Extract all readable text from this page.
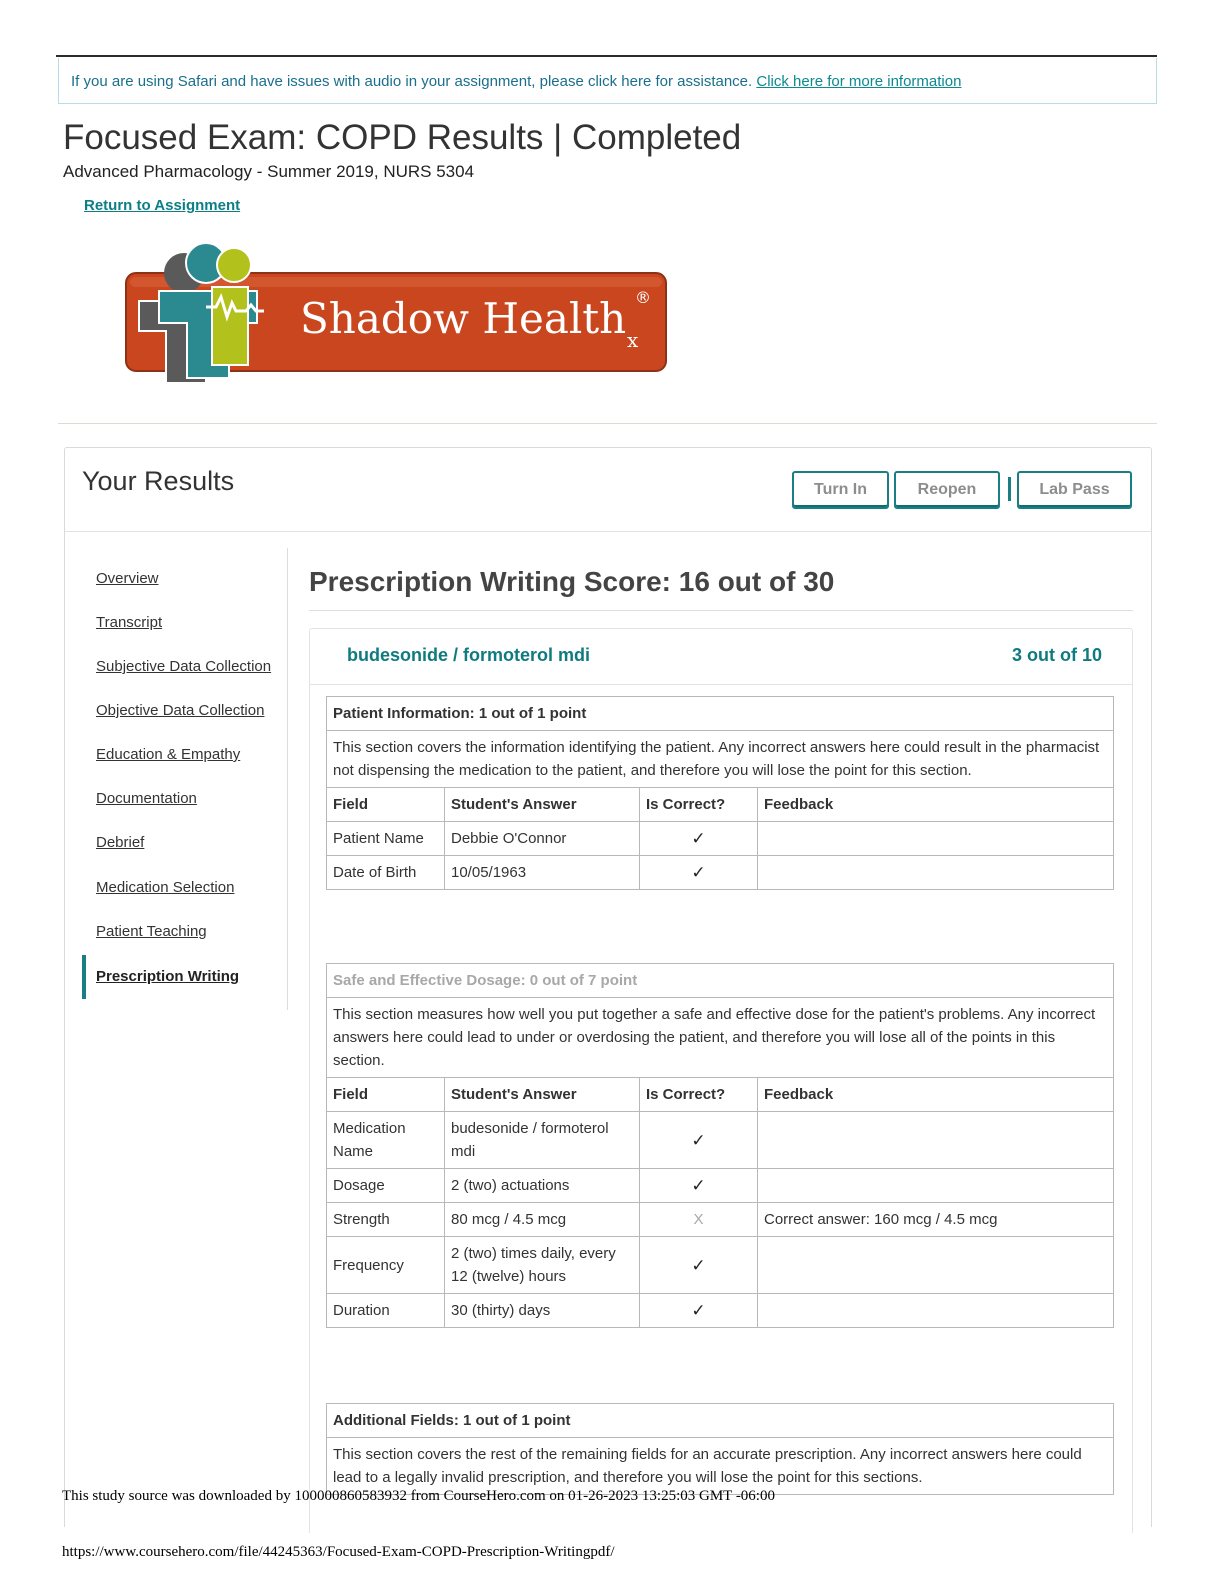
If you are using Safari and have issues with audio in your assignment, please click here for assistance. Click here for more information
Focused Exam: COPD Results | Completed
Advanced Pharmacology - Summer 2019, NURS 5304
Return to Assignment
Shadow Health ®
x
Your Results	Turn In	Reopen	Lab Pass
Overview
Transcript
Subjective Data Collection
Objective Data Collection
Education & Empathy
Documentation
Debrief
Medication Selection
Patient Teaching
Prescription Writing
Prescription Writing Score: 16 out of 30
budesonide / formoterol mdi	3 out of 10
Patient Information: 1 out of 1 point			
This section covers the information identifying the patient. Any incorrect answers here could result in the pharmacist not dispensing the medication to the patient, and therefore you will lose the point for this section.			
Field	Student's Answer	Is Correct?	Feedback
Patient Name	Debbie O'Connor	✓	
Date of Birth	10/05/1963	✓	
Safe and Effective Dosage: 0 out of 7 point			
This section measures how well you put together a safe and effective dose for the patient's problems. Any incorrect answers here could lead to under or overdosing the patient, and therefore you will lose all of the points in this section.			
Field	Student's Answer	Is Correct?	Feedback
Medication Name	budesonide / formoterol mdi	✓	
Dosage	2 (two) actuations	✓	
Strength	80 mcg / 4.5 mcg	X	Correct answer: 160 mcg / 4.5 mcg
Frequency	2 (two) times daily, every 12 (twelve) hours	✓	
Duration	30 (thirty) days	✓	
Additional Fields: 1 out of 1 point
This section covers the rest of the remaining fields for an accurate prescription. Any incorrect answers here could lead to a legally invalid prescription, and therefore you will lose the point for this sections.
This study source was downloaded by 100000860583932 from CourseHero.com on 01-26-2023 13:25:03 GMT -06:00
https://www.coursehero.com/file/44245363/Focused-Exam-COPD-Prescription-Writingpdf/
